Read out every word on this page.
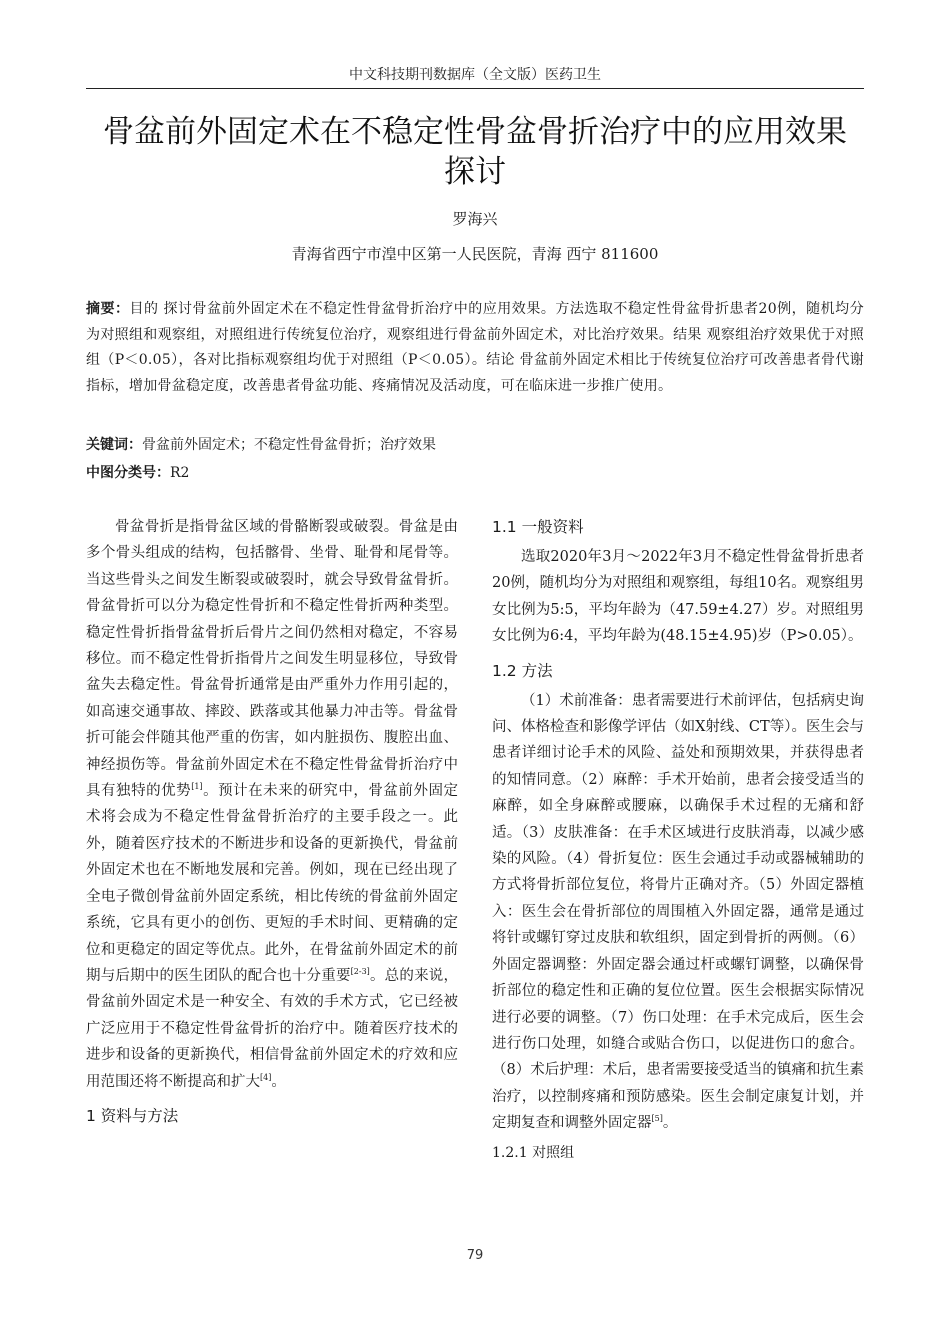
中文科技期刊数据库（全文版）医药卫生
骨盆前外固定术在不稳定性骨盆骨折治疗中的应用效果
探讨
罗海兴
青海省西宁市湟中区第一人民医院，青海 西宁 811600
摘要：目的 探讨骨盆前外固定术在不稳定性骨盆骨折治疗中的应用效果。方法选取不稳定性骨盆骨折患者20例，随机均分为对照组和观察组，对照组进行传统复位治疗，观察组进行骨盆前外固定术，对比治疗效果。结果 观察组治疗效果优于对照组（P＜0.05），各对比指标观察组均优于对照组（P＜0.05）。结论 骨盆前外固定术相比于传统复位治疗可改善患者骨代谢指标，增加骨盆稳定度，改善患者骨盆功能、疼痛情况及活动度，可在临床进一步推广使用。
关键词：骨盆前外固定术；不稳定性骨盆骨折；治疗效果
中图分类号：R2

骨盆骨折是指骨盆区域的骨骼断裂或破裂。骨盆是由多个骨头组成的结构，包括髂骨、坐骨、耻骨和尾骨等。当这些骨头之间发生断裂或破裂时，就会导致骨盆骨折。骨盆骨折可以分为稳定性骨折和不稳定性骨折两种类型。稳定性骨折指骨盆骨折后骨片之间仍然相对稳定，不容易移位。而不稳定性骨折指骨片之间发生明显移位，导致骨盆失去稳定性。骨盆骨折通常是由严重外力作用引起的，如高速交通事故、摔跤、跌落或其他暴力冲击等。骨盆骨折可能会伴随其他严重的伤害，如内脏损伤、腹腔出血、神经损伤等。骨盆前外固定术在不稳定性骨盆骨折治疗中具有独特的优势[1]。预计在未来的研究中，骨盆前外固定术将会成为不稳定性骨盆骨折治疗的主要手段之一。此外，随着医疗技术的不断进步和设备的更新换代，骨盆前外固定术也在不断地发展和完善。例如，现在已经出现了全电子微创骨盆前外固定系统，相比传统的骨盆前外固定系统，它具有更小的创伤、更短的手术时间、更精确的定位和更稳定的固定等优点。此外，在骨盆前外固定术的前期与后期中的医生团队的配合也十分重要[2-3]。总的来说，骨盆前外固定术是一种安全、有效的手术方式，它已经被广泛应用于不稳定性骨盆骨折的治疗中。随着医疗技术的进步和设备的更新换代，相信骨盆前外固定术的疗效和应用范围还将不断提高和扩大[4]。

1 资料与方法
1.1 一般资料

选取2020年3月～2022年3月不稳定性骨盆骨折患者20例，随机均分为对照组和观察组，每组10名。观察组男女比例为5:5，平均年龄为（47.59±4.27）岁。对照组男女比例为6:4，平均年龄为(48.15±4.95)岁（P>0.05）。

1.2 方法

（1）术前准备：患者需要进行术前评估，包括病史询问、体格检查和影像学评估（如X射线、CT等）。医生会与患者详细讨论手术的风险、益处和预期效果，并获得患者的知情同意。（2）麻醉：手术开始前，患者会接受适当的麻醉，如全身麻醉或腰麻，以确保手术过程的无痛和舒适。（3）皮肤准备：在手术区域进行皮肤消毒，以减少感染的风险。（4）骨折复位：医生会通过手动或器械辅助的方式将骨折部位复位，将骨片正确对齐。（5）外固定器植入：医生会在骨折部位的周围植入外固定器，通常是通过将针或螺钉穿过皮肤和软组织，固定到骨折的两侧。（6）外固定器调整：外固定器会通过杆或螺钉调整，以确保骨折部位的稳定性和正确的复位位置。医生会根据实际情况进行必要的调整。（7）伤口处理：在手术完成后，医生会进行伤口处理，如缝合或贴合伤口，以促进伤口的愈合。（8）术后护理：术后，患者需要接受适当的镇痛和抗生素治疗，以控制疼痛和预防感染。医生会制定康复计划，并定期复查和调整外固定器[5]。

1.2.1 对照组
79
